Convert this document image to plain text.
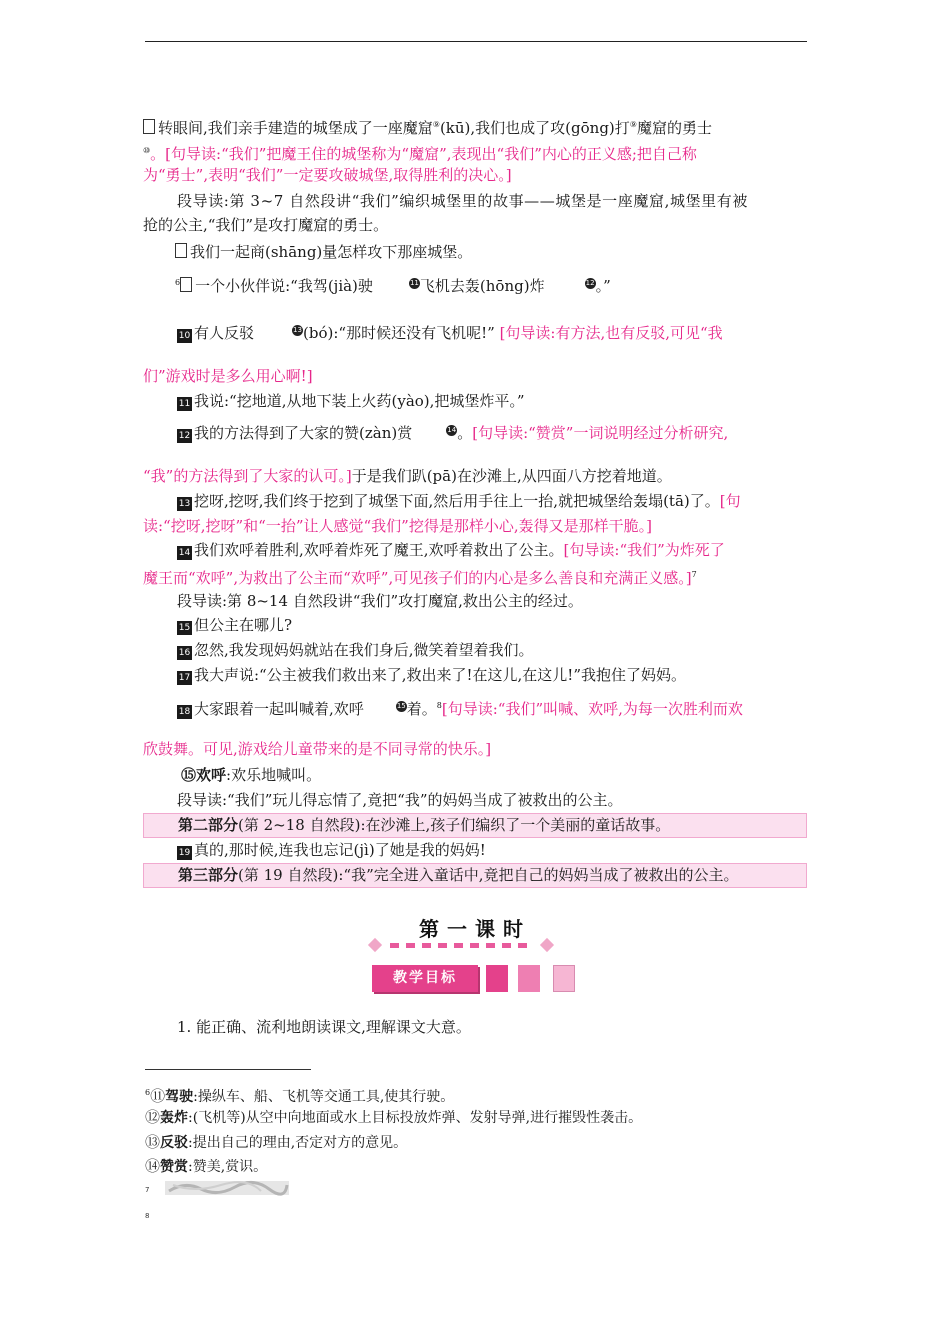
转眼间,我们亲手建造的城堡成了一座魔窟⑨(kū),我们也成了攻(gōng)打⑨魔窟的勇士
⑩。[句导读:“我们”把魔王住的城堡称为“魔窟”,表现出“我们”内心的正义感;把自己称
为“勇士”,表明“我们”一定要攻破城堡,取得胜利的决心。]
段导读:第 3~7 自然段讲“我们”编织城堡里的故事——城堡是一座魔窟,城堡里有被
抢的公主,“我们”是攻打魔窟的勇士。
我们一起商(shāng)量怎样攻下那座城堡。
$^6$ 一个小伙伴说:“我驾(jià)驶	11飞机去轰(hōng)炸	12。”
10 有人反驳	13(bó):“那时候还没有飞机呢!” [句导读:有方法,也有反驳,可见“我
们”游戏时是多么用心啊!]
11 我说:“挖地道,从地下装上火药(yào),把城堡炸平。”
12 我的方法得到了大家的赞(zàn)赏	14。[句导读:“赞赏”一词说明经过分析研究,
“我”的方法得到了大家的认可。]于是我们趴(pā)在沙滩上,从四面八方挖着地道。
13 挖呀,挖呀,我们终于挖到了城堡下面,然后用手往上一抬,就把城堡给轰塌(tā)了。[句
读:“挖呀,挖呀”和“一抬”让人感觉“我们”挖得是那样小心,轰得又是那样干脆。]
14 我们欢呼着胜利,欢呼着炸死了魔王,欢呼着救出了公主。[句导读:“我们”为炸死了
魔王而“欢呼”,为救出了公主而“欢呼”,可见孩子们的内心是多么善良和充满正义感。]$^7$
段导读:第 8~14 自然段讲“我们”攻打魔窟,救出公主的经过。
15 但公主在哪儿?
16 忽然,我发现妈妈就站在我们身后,微笑着望着我们。
17 我大声说:“公主被我们救出来了,救出来了!在这儿,在这儿!”我抱住了妈妈。
18 大家跟着一起叫喊着,欢呼	15着。$^8$[句导读:“我们”叫喊、欢呼,为每一次胜利而欢
欣鼓舞。可见,游戏给儿童带来的是不同寻常的快乐。]
⑮欢呼:欢乐地喊叫。
段导读:“我们”玩儿得忘情了,竟把“我”的妈妈当成了被救出的公主。
第二部分(第 2~18 自然段):在沙滩上,孩子们编织了一个美丽的童话故事。
19 真的,那时候,连我也忘记(jì)了她是我的妈妈!
第三部分(第 19 自然段):“我”完全进入童话中,竟把自己的妈妈当成了被救出的公主。
第一课时
教学目标
1. 能正确、流利地朗读课文,理解课文大意。
$^6$⑪驾驶:操纵车、船、飞机等交通工具,使其行驶。
⑫轰炸:(飞机等)从空中向地面或水上目标投放炸弹、发射导弹,进行摧毁性袭击。
⑬反驳:提出自己的理由,否定对方的意见。
⑭赞赏:赞美,赏识。
7
8
